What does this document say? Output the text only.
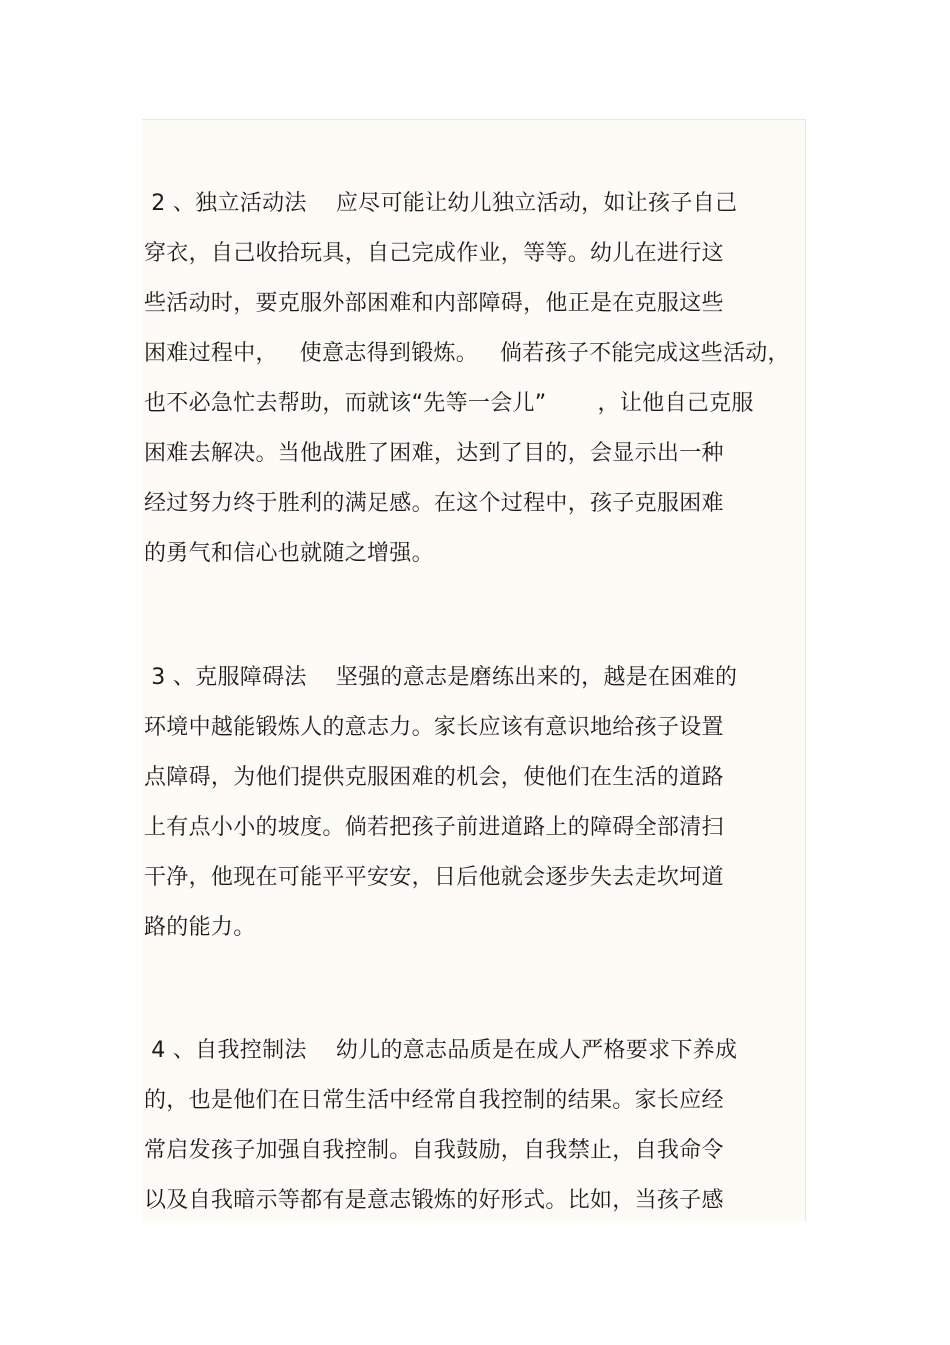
2 、独立活动法    应尽可能让幼儿独立活动，如让孩子自己
穿衣，自己收拾玩具，自己完成作业，等等。幼儿在进行这
些活动时，要克服外部困难和内部障碍，他正是在克服这些
困难过程中，   使意志得到锻炼。   倘若孩子不能完成这些活动，
也不必急忙去帮助，而就该“先等一会儿”       ，让他自己克服
困难去解决。当他战胜了困难，达到了目的，会显示出一种
经过努力终于胜利的满足感。在这个过程中，孩子克服困难
的勇气和信心也就随之增强。
3 、克服障碍法    坚强的意志是磨练出来的，越是在困难的
环境中越能锻炼人的意志力。家长应该有意识地给孩子设置
点障碍，为他们提供克服困难的机会，使他们在生活的道路
上有点小小的坡度。倘若把孩子前进道路上的障碍全部清扫
干净，他现在可能平平安安，日后他就会逐步失去走坎坷道
路的能力。
4 、自我控制法    幼儿的意志品质是在成人严格要求下养成
的，也是他们在日常生活中经常自我控制的结果。家长应经
常启发孩子加强自我控制。自我鼓励，自我禁止，自我命令
以及自我暗示等都有是意志锻炼的好形式。比如，当孩子感
